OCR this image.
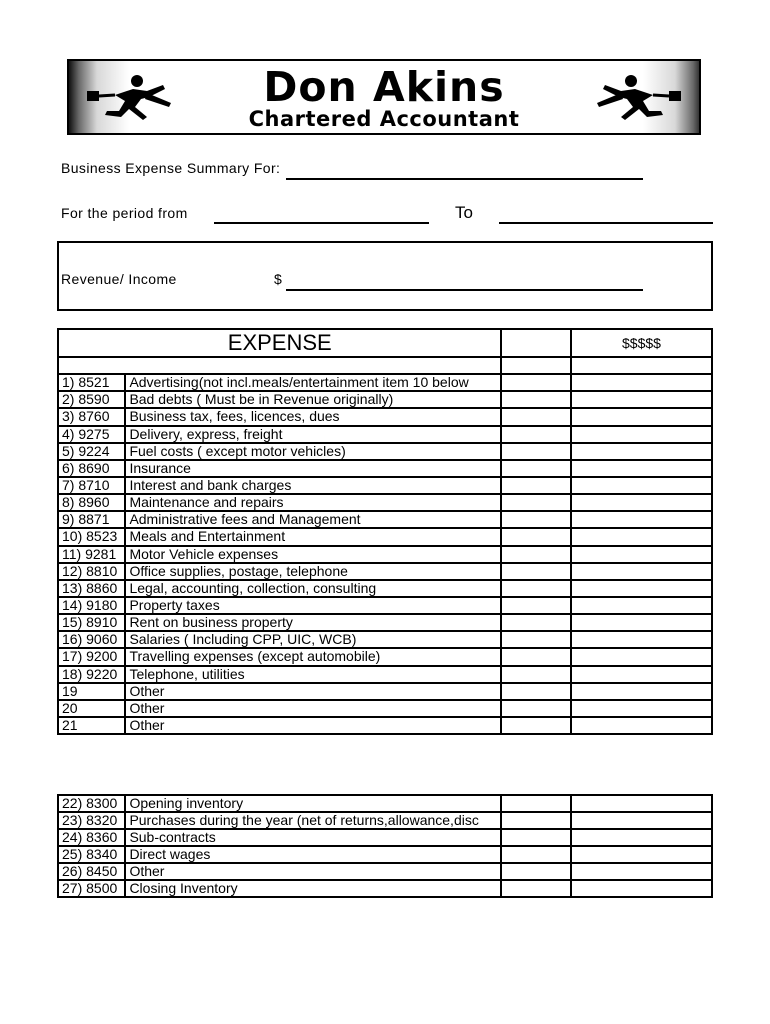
Don Akins
Chartered Accountant
Business Expense Summary For:
For the period from	To
Revenue/ Income	$
EXPENSE			$$$$$

1) 8521	Advertising(not incl.meals/entertainment item 10 below		
2) 8590	Bad debts ( Must be in Revenue originally)		
3) 8760	Business tax, fees, licences, dues		
4) 9275	Delivery, express, freight		
5) 9224	Fuel costs ( except motor vehicles)		
6) 8690	Insurance		
7) 8710	Interest and bank charges		
8) 8960	Maintenance and repairs		
9) 8871	Administrative fees and Management		
10) 8523	Meals and Entertainment		
11) 9281	Motor Vehicle expenses		
12) 8810	Office supplies, postage, telephone		
13) 8860	Legal, accounting, collection, consulting		
14) 9180	Property taxes		
15) 8910	Rent on business property		
16) 9060	Salaries ( Including CPP, UIC, WCB)		
17) 9200	Travelling expenses (except automobile)		
18) 9220	Telephone, utilities		
19	Other		
20	Other		
21	Other		
22) 8300	Opening inventory		
23) 8320	Purchases during the year (net of returns,allowance,disc		
24) 8360	Sub-contracts		
25) 8340	Direct wages		
26) 8450	Other		
27) 8500	Closing Inventory		
